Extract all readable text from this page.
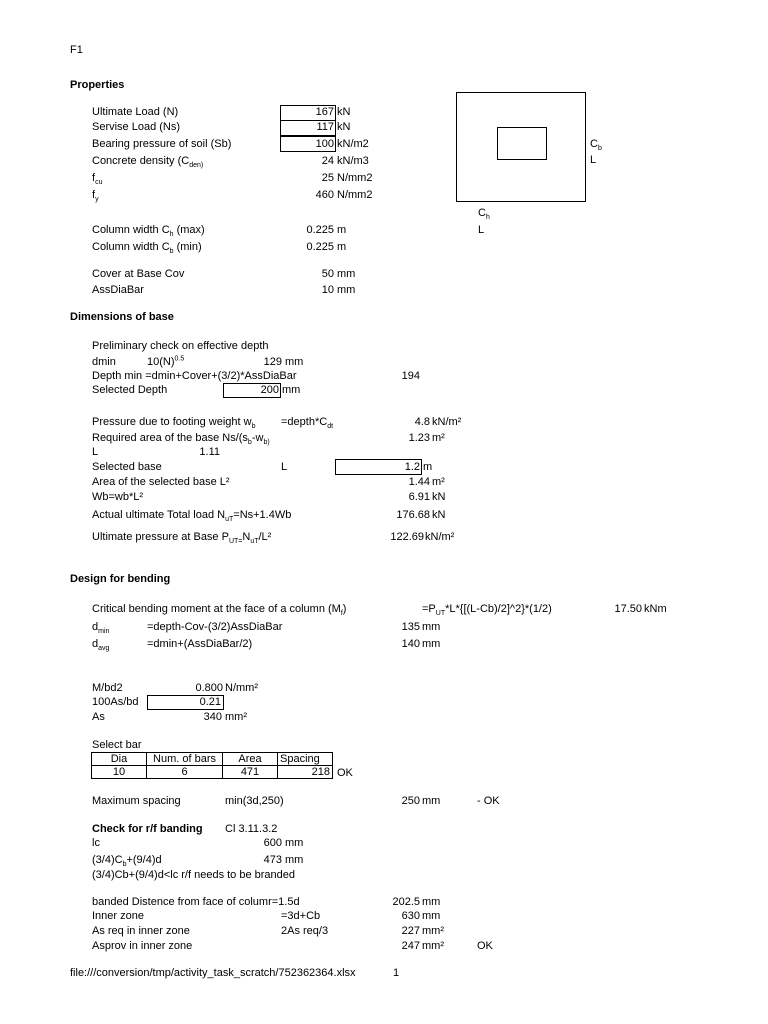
F1
Properties
Ultimate Load (N)	167 kN
Servise Load (Ns)	117 kN
Bearing pressure of soil (Sb)	100 kN/m2
Concrete density ($C_{den)}$	24 kN/m3
$f_{cu}$	25 N/mm2
$f_y$	460 N/mm2
Column width $C_h$ (max)	0.225 m
Column width $C_b$ (min)	0.225 m
Cover at Base Cov	50 mm
AssDiaBar	10 mm
$C_b$
L
$C_h$
L
Dimensions of base
Preliminary check on effective depth
dmin	$10(N)^{0.5}$	129 mm
Depth min =dmin+Cover+(3/2)*AssDiaBar	194
Selected Depth	200 mm
Pressure due to footing weight $w_b$ $=depth*C_{dt}$	4.8 kN/m²
Required area of the base $Ns/(s_b-w_{b)}$	1.23 m²
L	1.11
Selected base	L	1.2 m
Area of the selected base L²	1.44 m²
Wb=wb*L²	6.91 kN
Actual ultimate Total load $N_{uT}=Ns+1.4Wb$	176.68 kN
Ultimate pressure at Base $P_{UT=}N_{uT}/L^2$	122.69 kN/m²
Design for bending
Critical bending moment at the face of a column $(M_f)$	$=P_{UT}*L*\{[(L-Cb)/2]\^{}2\}*(1/2)$	17.50 kNm
$d_{min}$	=depth-Cov-(3/2)AssDiaBar	135 mm
$d_{avg}$	=dmin+(AssDiaBar/2)	140 mm
M/bd2	0.800 N/mm²
100As/bd	0.21
As	340 mm²
Select bar
Dia	Num. of bars	Area	Spacing
10	6	471	218 OK
Maximum spacing	min(3d,250)	250 mm	- OK
Check for r/f banding Cl 3.11.3.2
lc	600 mm
$(3/4)C_b+(9/4)d$	473 mm
(3/4)Cb+(9/4)d<lc r/f needs to be branded
banded Distence from face of columr=1.5d	202.5 mm
Inner zone	=3d+Cb	630 mm
As req in inner zone	2As req/3	227 mm²
Asprov in inner zone	247 mm²	OK
file:///conversion/tmp/activity_task_scratch/752362364.xlsx	1
